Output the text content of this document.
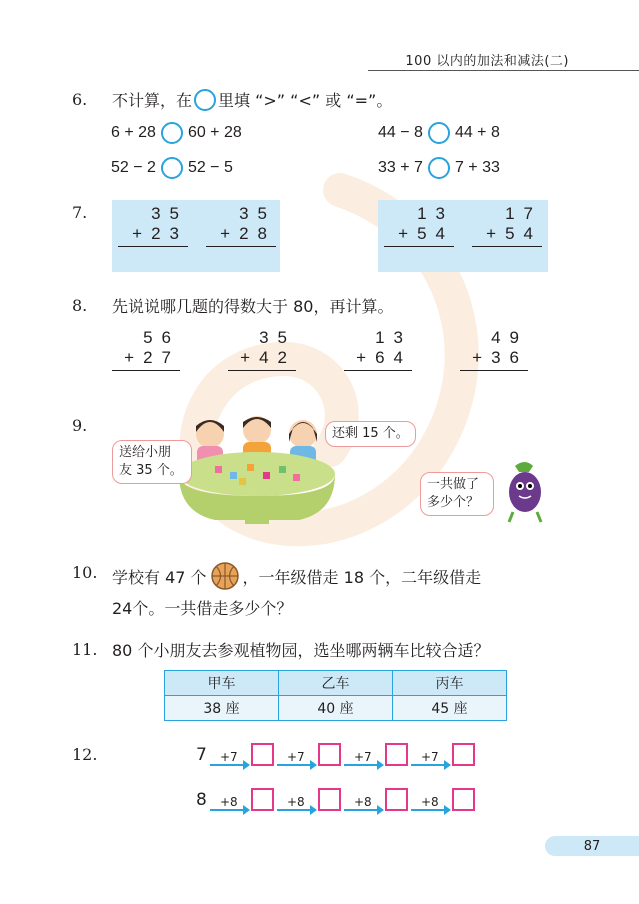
100 以内的加法和减法(二)
6. 不计算，在 里填 “>” “<” 或 “=”。
6 + 28 60 + 28	44 − 8 44 + 8
52 − 2 52 − 5	33 + 7 7 + 33
7.	35
+23
35
+28
13
+54
17
+54
8. 先说说哪几题的得数大于 80，再计算。
56
+27
35
+42
13
+64
49
+36
9.
送给小朋
友 35 个。
还剩 15 个。
一共做了
多少个？
10. 学校有 47 个 ，一年级借走 18 个，二年级借走
24个。一共借走多少个？
11. 80 个小朋友去参观植物园，选坐哪两辆车比较合适？
甲车	乙车	丙车
38 座	40 座	45 座
12.	7 +7	+7	+7	+7
8 +8	+8	+8	+8
87
